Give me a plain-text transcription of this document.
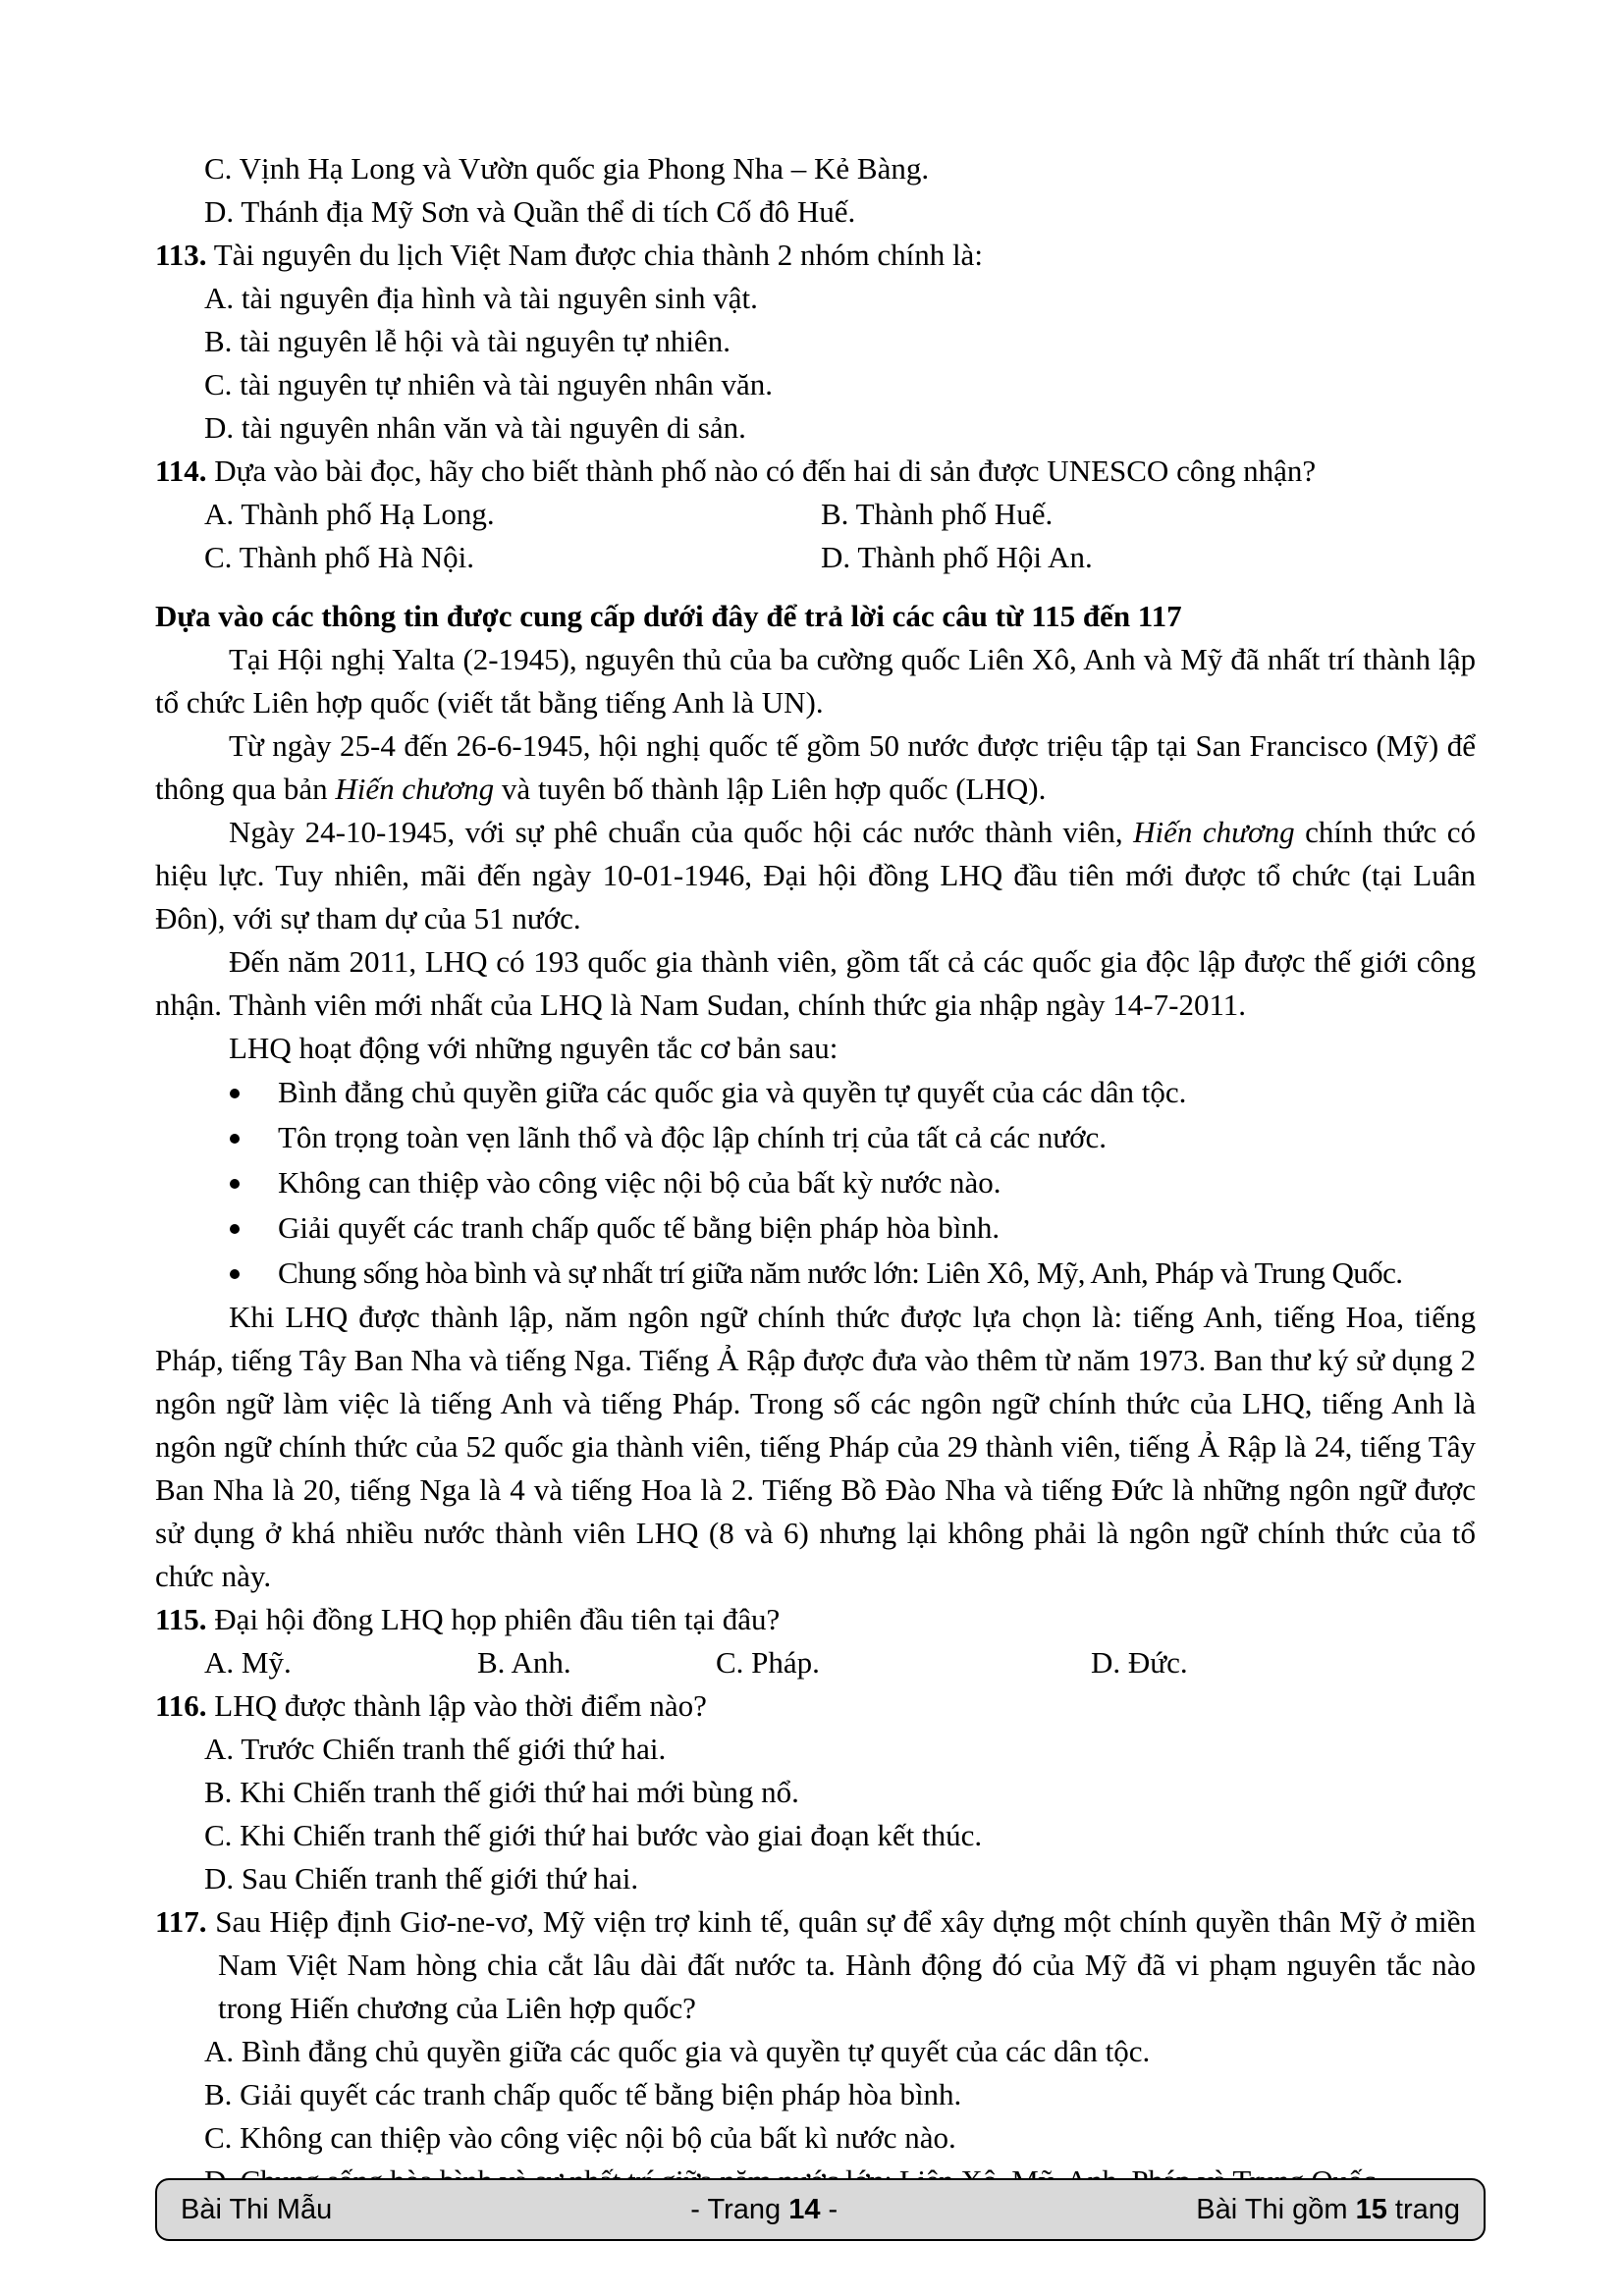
C. Vịnh Hạ Long và Vườn quốc gia Phong Nha – Kẻ Bàng.
D. Thánh địa Mỹ Sơn và Quần thể di tích Cố đô Huế.
113. Tài nguyên du lịch Việt Nam được chia thành 2 nhóm chính là:
A. tài nguyên địa hình và tài nguyên sinh vật.
B. tài nguyên lễ hội và tài nguyên tự nhiên.
C. tài nguyên tự nhiên và tài nguyên nhân văn.
D. tài nguyên nhân văn và tài nguyên di sản.
114. Dựa vào bài đọc, hãy cho biết thành phố nào có đến hai di sản được UNESCO công nhận?
A. Thành phố Hạ Long.	B. Thành phố Huế.
C. Thành phố Hà Nội.	D. Thành phố Hội An.
Dựa vào các thông tin được cung cấp dưới đây để trả lời các câu từ 115 đến 117
Tại Hội nghị Yalta (2-1945), nguyên thủ của ba cường quốc Liên Xô, Anh và Mỹ đã nhất trí thành lập tổ chức Liên hợp quốc (viết tắt bằng tiếng Anh là UN).
Từ ngày 25-4 đến 26-6-1945, hội nghị quốc tế gồm 50 nước được triệu tập tại San Francisco (Mỹ) để thông qua bản Hiến chương và tuyên bố thành lập Liên hợp quốc (LHQ).
Ngày 24-10-1945, với sự phê chuẩn của quốc hội các nước thành viên, Hiến chương chính thức có hiệu lực. Tuy nhiên, mãi đến ngày 10-01-1946, Đại hội đồng LHQ đầu tiên mới được tổ chức (tại Luân Đôn), với sự tham dự của 51 nước.
Đến năm 2011, LHQ có 193 quốc gia thành viên, gồm tất cả các quốc gia độc lập được thế giới công nhận. Thành viên mới nhất của LHQ là Nam Sudan, chính thức gia nhập ngày 14-7-2011.
LHQ hoạt động với những nguyên tắc cơ bản sau:
Bình đẳng chủ quyền giữa các quốc gia và quyền tự quyết của các dân tộc.
Tôn trọng toàn vẹn lãnh thổ và độc lập chính trị của tất cả các nước.
Không can thiệp vào công việc nội bộ của bất kỳ nước nào.
Giải quyết các tranh chấp quốc tế bằng biện pháp hòa bình.
Chung sống hòa bình và sự nhất trí giữa năm nước lớn: Liên Xô, Mỹ, Anh, Pháp và Trung Quốc.
Khi LHQ được thành lập, năm ngôn ngữ chính thức được lựa chọn là: tiếng Anh, tiếng Hoa, tiếng Pháp, tiếng Tây Ban Nha và tiếng Nga. Tiếng Ả Rập được đưa vào thêm từ năm 1973. Ban thư ký sử dụng 2 ngôn ngữ làm việc là tiếng Anh và tiếng Pháp. Trong số các ngôn ngữ chính thức của LHQ, tiếng Anh là ngôn ngữ chính thức của 52 quốc gia thành viên, tiếng Pháp của 29 thành viên, tiếng Ả Rập là 24, tiếng Tây Ban Nha là 20, tiếng Nga là 4 và tiếng Hoa là 2. Tiếng Bồ Đào Nha và tiếng Đức là những ngôn ngữ được sử dụng ở khá nhiều nước thành viên LHQ (8 và 6) nhưng lại không phải là ngôn ngữ chính thức của tổ chức này.
115. Đại hội đồng LHQ họp phiên đầu tiên tại đâu?
A. Mỹ.	B. Anh.	C. Pháp.	D. Đức.
116. LHQ được thành lập vào thời điểm nào?
A. Trước Chiến tranh thế giới thứ hai.
B. Khi Chiến tranh thế giới thứ hai mới bùng nổ.
C. Khi Chiến tranh thế giới thứ hai bước vào giai đoạn kết thúc.
D. Sau Chiến tranh thế giới thứ hai.
117. Sau Hiệp định Giơ-ne-vơ, Mỹ viện trợ kinh tế, quân sự để xây dựng một chính quyền thân Mỹ ở miền Nam Việt Nam hòng chia cắt lâu dài đất nước ta. Hành động đó của Mỹ đã vi phạm nguyên tắc nào trong Hiến chương của Liên hợp quốc?
A. Bình đẳng chủ quyền giữa các quốc gia và quyền tự quyết của các dân tộc.
B. Giải quyết các tranh chấp quốc tế bằng biện pháp hòa bình.
C. Không can thiệp vào công việc nội bộ của bất kì nước nào.
Bài Thi Mẫu	- Trang 14 -	Bài Thi gồm 15 trang
